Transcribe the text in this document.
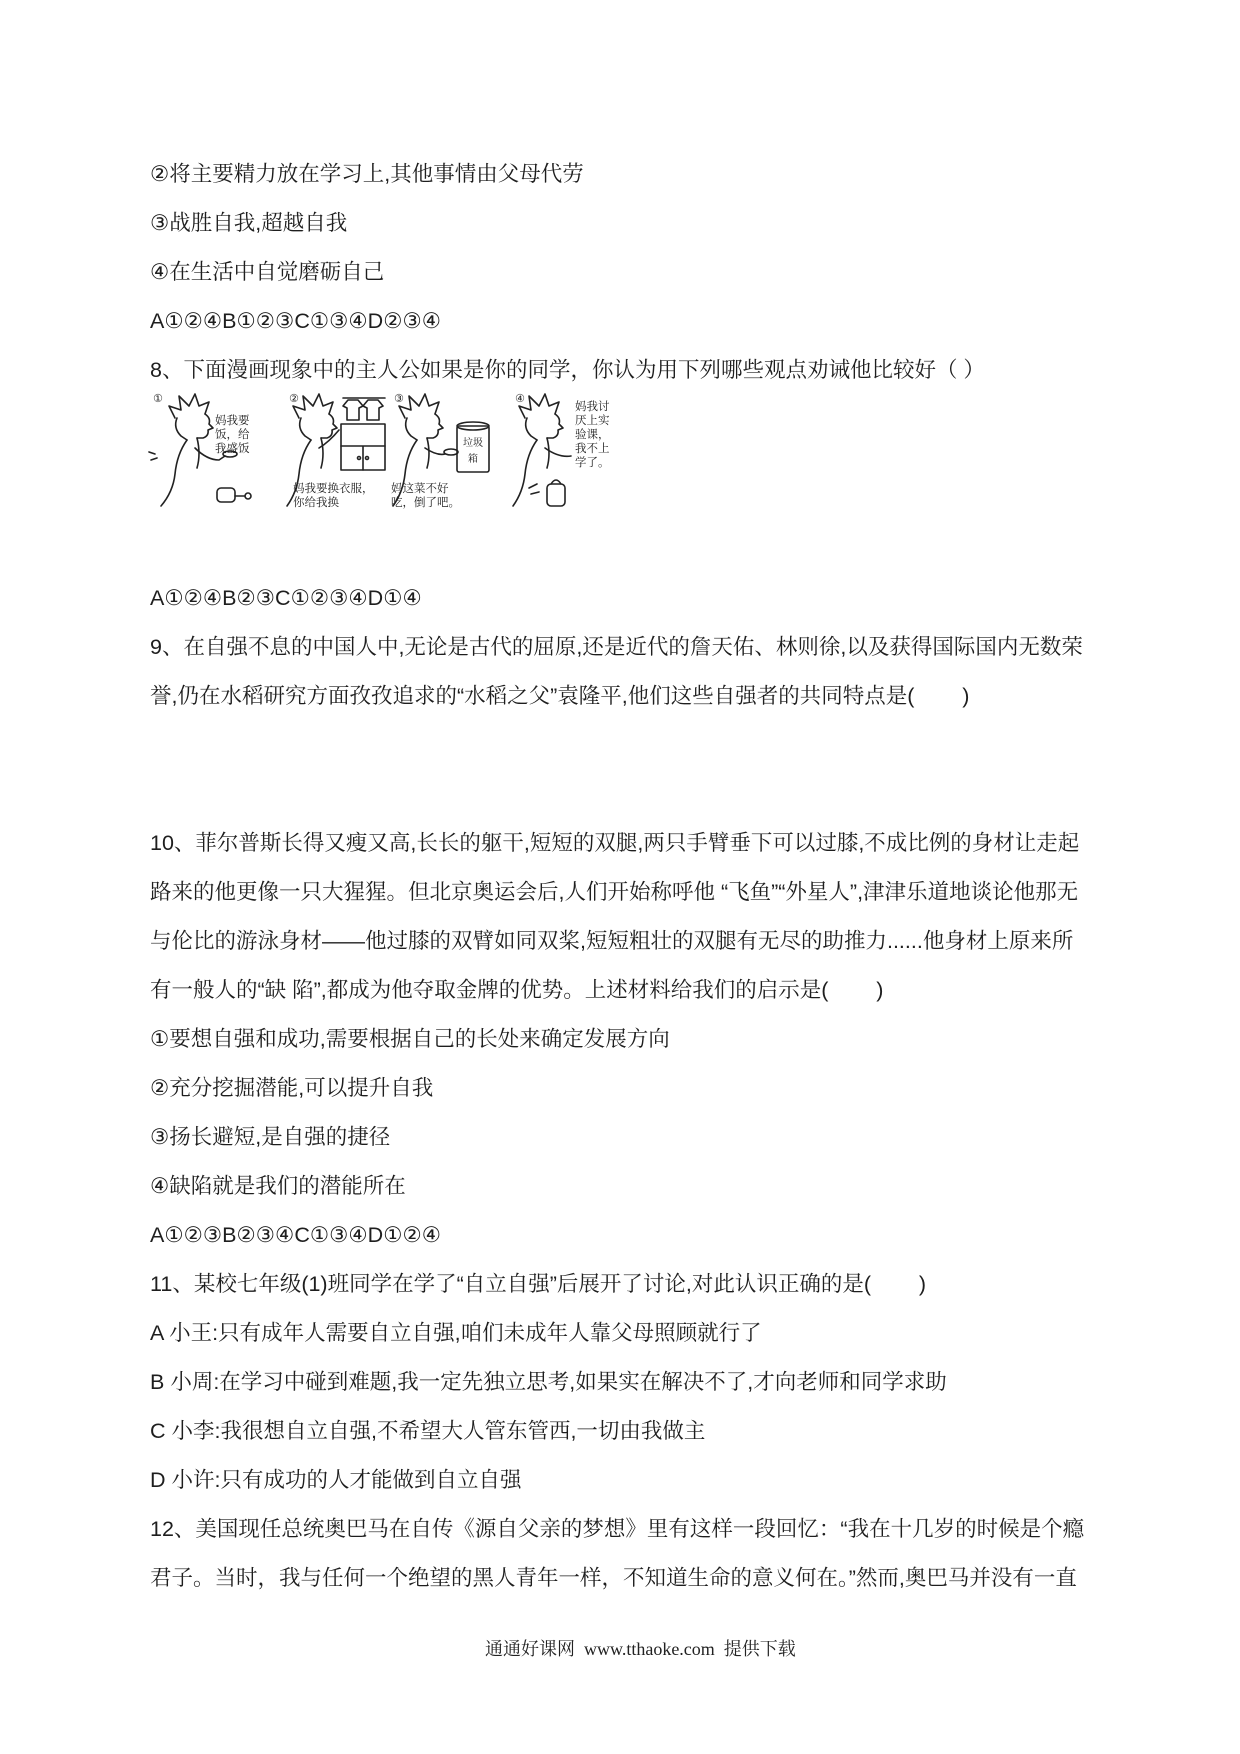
②将主要精力放在学习上,其他事情由父母代劳
③战胜自我,超越自我
④在生活中自觉磨砺自己
A①②④B①②③C①③④D②③④
8、下面漫画现象中的主人公如果是你的同学，你认为用下列哪些观点劝诫他比较好（ ）
①
妈我要
饭，给
我盛饭
②
妈我要换衣服，
你给我换
③
垃圾
箱
妈这菜不好
吃，倒了吧。
④
妈我讨
厌上实
验课，
我不上
学了。

A①②④B②③C①②③④D①④
9、在自强不息的中国人中,无论是古代的屈原,还是近代的詹天佑、林则徐,以及获得国际国内无数荣
誉,仍在水稻研究方面孜孜追求的“水稻之父”袁隆平,他们这些自强者的共同特点是(        )

10、菲尔普斯长得又瘦又高,长长的躯干,短短的双腿,两只手臂垂下可以过膝,不成比例的身材让走起
路来的他更像一只大猩猩。但北京奥运会后,人们开始称呼他 “飞鱼”“外星人”,津津乐道地谈论他那无
与伦比的游泳身材——他过膝的双臂如同双桨,短短粗壮的双腿有无尽的助推力......他身材上原来所
有一般人的“缺 陷”,都成为他夺取金牌的优势。上述材料给我们的启示是(        )
①要想自强和成功,需要根据自己的长处来确定发展方向
②充分挖掘潜能,可以提升自我
③扬长避短,是自强的捷径
④缺陷就是我们的潜能所在
A①②③B②③④C①③④D①②④
11、某校七年级(1)班同学在学了“自立自强”后展开了讨论,对此认识正确的是(        )
A 小王:只有成年人需要自立自强,咱们未成年人靠父母照顾就行了
B 小周:在学习中碰到难题,我一定先独立思考,如果实在解决不了,才向老师和同学求助
C 小李:我很想自立自强,不希望大人管东管西,一切由我做主
D 小许:只有成功的人才能做到自立自强
12、美国现任总统奥巴马在自传《源自父亲的梦想》里有这样一段回忆：“我在十几岁的时候是个瘾
君子。当时，我与任何一个绝望的黑人青年一样，不知道生命的意义何在。”然而,奥巴马并没有一直
通通好课网  www.tthaoke.com  提供下载
